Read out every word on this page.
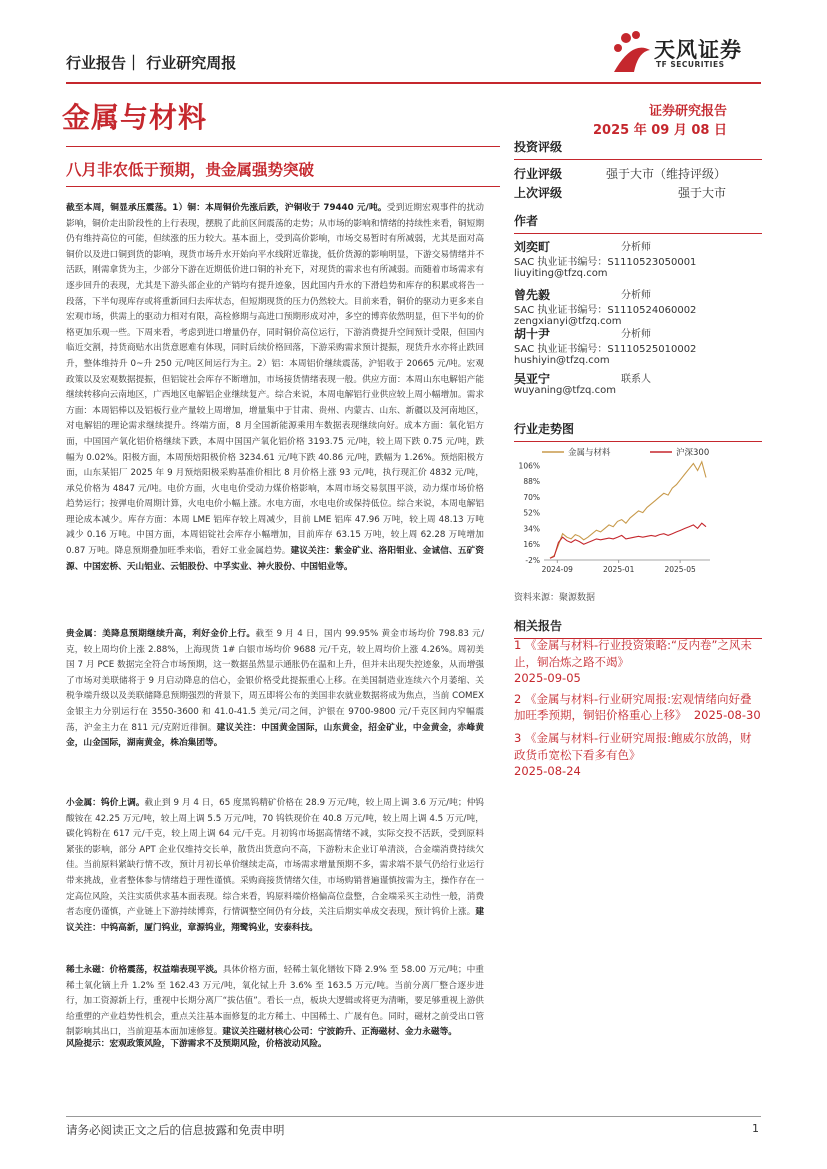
行业报告｜ 行业研究周报
天风证券
TF SECURITIES
金属与材料	证券研究报告
2025 年 09 月 08 日
八月非农低于预期，贵金属强势突破
截至本周，铜显承压震荡。1）铜：本周铜价先涨后跌，沪铜收于 79440 元/吨。受到近期宏观事件的扰动影响，铜价走出阶段性的上行表现，摆脱了此前区间震荡的走势；从市场的影响和情绪的持续性来看，铜短期仍有维持高位的可能，但续涨的压力较大。基本面上，受到高价影响，市场交易暂时有所减弱，尤其是面对高铜价以及进口铜到货的影响，现货市场升水开始向平水线附近靠拢，低价货源的影响明显，下游交易情绪并不活跃，刚需拿货为主，少部分下游在近期低价进口铜的补充下，对现货的需求也有所减弱。而随着市场需求有逐步回升的表现，尤其是下游头部企业的产销均有提升迹象，因此国内升水的下滑趋势和库存的积累或将告一段落，下半旬现库存或将重新回归去库状态，但短期现货的压力仍然较大。目前来看，铜价的驱动力更多来自宏观市场，供需上的驱动力相对有限，高检修期与高进口预期形成对冲，多空的博弈依然明显，但下半旬的价格更加乐观一些。下周来看，考虑到进口增量仍存，同时铜价高位运行，下游消费提升空间预计受限，但国内临近交割，持货商贴水出货意愿难有体现，同时后续价格回落，下游采购需求预计提振，现货升水亦将止跌回升，整体维持升 0~升 250 元/吨区间运行为主。2）铝：本周铝价继续震荡，沪铝收于 20665 元/吨。宏观政策以及宏观数据提振，但铝锭社会库存不断增加，市场接货情绪表现一般。供应方面：本周山东电解铝产能继续转移向云南地区，广西地区电解铝企业继续复产。综合来说，本周电解铝行业供应较上周小幅增加。需求方面：本周铝棒以及铝板行业产量较上周增加，增量集中于甘肃、贵州、内蒙古、山东、新疆以及河南地区，对电解铝的理论需求继续提升。终端方面，8 月全国新能源乘用车数据表现继续向好。成本方面：氧化铝方面，中国国产氧化铝价格继续下跌，本周中国国产氧化铝价格 3193.75 元/吨，较上周下跌 0.75 元/吨，跌幅为 0.02%。阳极方面，本周预焙阳极价格 3234.61 元/吨下跌 40.86 元/吨，跌幅为 1.26%。预焙阳极方面，山东某铝厂 2025 年 9 月预焙阳极采购基准价相比 8 月价格上涨 93 元/吨，执行现汇价 4832 元/吨，承兑价格为 4847 元/吨。电价方面，火电电价受动力煤价格影响，本周市场交易氛围平淡，动力煤市场价格趋势运行；按弹电价周期计算，火电电价小幅上涨。水电方面，水电电价或保持低位。综合来说，本周电解铝理论成本减少。库存方面：本周 LME 铝库存较上周减少，目前 LME 铝库 47.96 万吨，较上周 48.13 万吨减少 0.16 万吨。中国方面，本周铝锭社会库存小幅增加，目前库存 63.15 万吨，较上周 62.28 万吨增加 0.87 万吨。降息预期叠加旺季来临，看好工业金属趋势。建议关注：紫金矿业、洛阳钼业、金诚信、五矿资源、中国宏桥、天山铝业、云铝股份、中孚实业、神火股份、中国铝业等。
贵金属：美降息预期继续升高，利好金价上行。截至 9 月 4 日，国内 99.95% 黄金市场均价 798.83 元/克，较上周均价上涨 2.88%，上海现货 1# 白银市场均价 9688 元/千克，较上周均价上涨 4.26%。周初美国 7 月 PCE 数据完全符合市场预期，这一数据虽然显示通胀仍在温和上升，但并未出现失控迹象，从而增强了市场对美联储将于 9 月启动降息的信心，金银价格受此提振重心上移。在美国制造业连续六个月萎缩、关税争端升级以及美联储降息预期强烈的背景下，周五即将公布的美国非农就业数据将成为焦点，当前 COMEX 金银主力分别运行在 3550-3600 和 41.0-41.5 美元/司之间，沪银在 9700-9800 元/千克区间内窄幅震荡，沪金主力在 811 元/克附近徘徊。建议关注：中国黄金国际，山东黄金，招金矿业，中金黄金，赤峰黄金，山金国际，湖南黄金，株冶集团等。
小金属：钨价上调。截止到 9 月 4 日，65 度黑钨精矿价格在 28.9 万元/吨，较上周上调 3.6 万元/吨；仲钨酸铵在 42.25 万元/吨，较上周上调 5.5 万元/吨，70 钨铁现价在 40.8 万元/吨，较上周上调 4.5 万元/吨，碳化钨粉在 617 元/千克，较上周上调 64 元/千克。月初钨市场据高情绪不减，实际交投不活跃，受到原料紧张的影响，部分 APT 企业仅维持交长单，散货出货意向不高，下游粉末企业订单清淡，合金端消费持续欠佳。当前原料紧缺行情不改，预计月初长单价继续走高，市场需求增量预期不多，需求端不景气仍给行业运行带来挑战，业者整体参与情绪趋于理性谨慎。采购商接货情绪欠佳，市场购销普遍谨慎按需为主，操作存在一定高位风险，关注实质供求基本面表现。综合来看，钨原料端价格偏高位盘整，合金端采买主动性一般，消费者态度仍谨慎，产业链上下游持续博弈，行情调整空间仍有分歧，关注后期实单成交表现，预计钨价上涨。建议关注：中钨高新，厦门钨业，章源钨业，翔鹭钨业，安泰科技。
稀土永磁：价格震荡，权益端表现平淡。具体价格方面，轻稀土氧化镨钕下降 2.9% 至 58.00 万元/吨；中重稀土氧化镝上升 1.2% 至 162.43 万元/吨，氧化铽上升 3.6% 至 163.5 万元/吨。当前分离厂整合逐步进行，加工资源新上行，重视中长期分离厂“拔估值”。看长一点，板块大逻辑或将更为清晰，要足够重视上游供给重塑的产业趋势性机会，重点关注基本面修复的北方稀土、中国稀土、广晟有色。同时，磁材之前受出口管制影响其出口，当前迎基本面加速修复。建议关注磁材核心公司：宁波韵升、正海磁材、金力永磁等。
风险提示：宏观政策风险，下游需求不及预期风险，价格波动风险。
投资评级
行业评级	强于大市（维持评级）
上次评级	强于大市
作者
刘奕町	分析师
SAC 执业证书编号：S1110523050001
liuyiting@tfzq.com
曾先毅	分析师
SAC 执业证书编号：S1110524060002
zengxianyi@tfzq.com
胡十尹	分析师
SAC 执业证书编号：S1110525010002
hushiyin@tfzq.com
吴亚宁	联系人
wuyaning@tfzq.com
行业走势图
金属与材料	沪深300
-2%
16%
34%
52%
70%
88%
106%
2024-09	2025-01	2025-05
资料来源：聚源数据
相关报告
1 《金属与材料-行业投资策略:“反内卷”之风未止，铜冶炼之路不竭》
2025-09-05
2 《金属与材料-行业研究周报:宏观情绪向好叠加旺季预期，铜铝价格重心上移》 2025-08-30
3 《金属与材料-行业研究周报:鲍威尔放鸽，财政货币宽松下看多有色》
2025-08-24
请务必阅读正文之后的信息披露和免责申明	1
